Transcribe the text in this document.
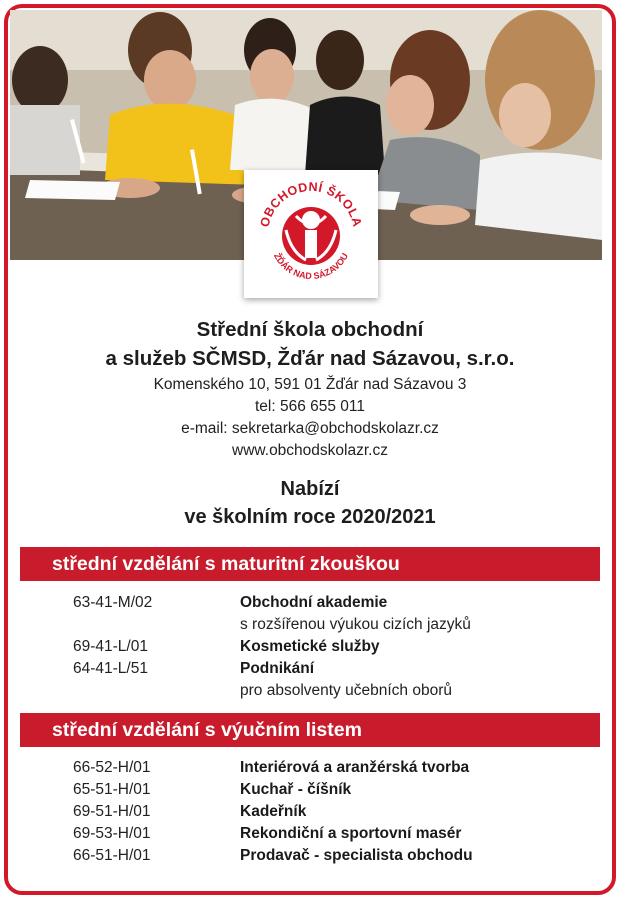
OBCHODNÍ ŠKOLA
ŽĎÁR NAD SÁZAVOU
Střední škola obchodní
a služeb SČMSD, Žďár nad Sázavou, s.r.o.
Komenského 10, 591 01 Žďár nad Sázavou 3
tel: 566 655 011
e-mail: sekretarka@obchodskolazr.cz
www.obchodskolazr.cz
Nabízí
ve školním roce 2020/2021
střední vzdělání s maturitní zkouškou
63-41-M/02	Obchodní akademie
s rozšířenou výukou cizích jazyků
69-41-L/01	Kosmetické služby
64-41-L/51	Podnikání
pro absolventy učebních oborů
střední vzdělání s výučním listem
66-52-H/01	Interiérová a aranžérská tvorba
65-51-H/01	Kuchař - číšník
69-51-H/01	Kadeřník
69-53-H/01	Rekondiční a sportovní masér
66-51-H/01	Prodavač - specialista obchodu
